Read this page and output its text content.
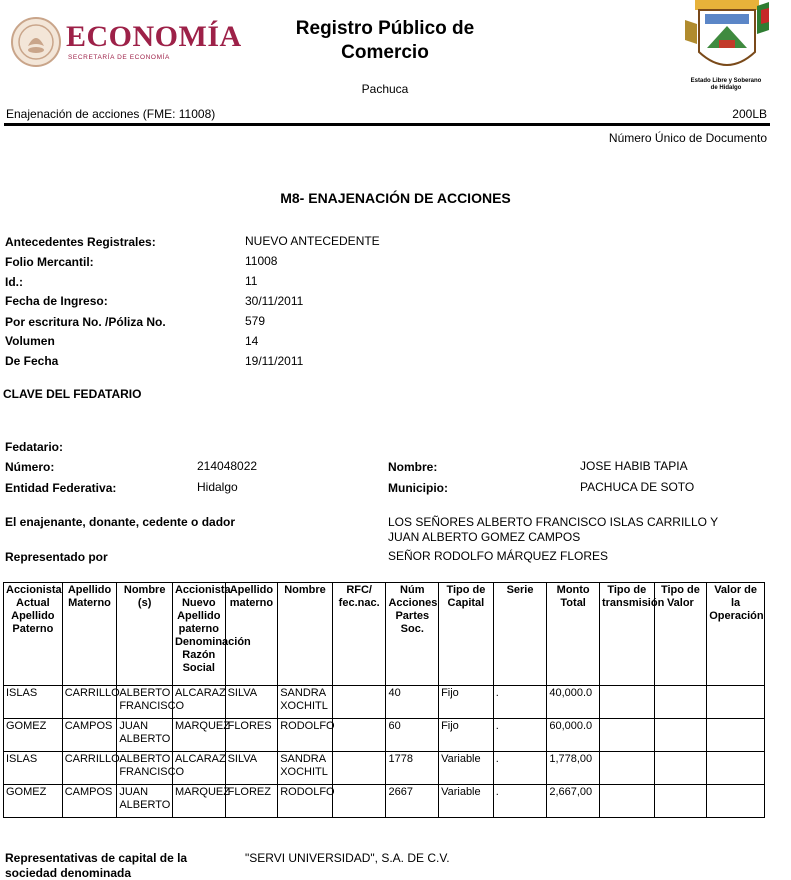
ECONOMÍA
SECRETARÍA DE ECONOMÍA
Registro Público de
Comercio
Pachuca
Estado Libre y Soberano
de Hidalgo
Enajenación de acciones (FME: 11008)	200LB
Número Único de Documento
M8- ENAJENACIÓN DE ACCIONES
Antecedentes Registrales:	NUEVO ANTECEDENTE
Folio Mercantil:	11008
Id.:	11
Fecha de Ingreso:	30/11/2011
Por escritura No. /Póliza No.	579
Volumen	14
De Fecha	19/11/2011
CLAVE DEL FEDATARIO
Fedatario:
Número:	214048022	Nombre:	JOSE HABIB TAPIA
Entidad Federativa:	Hidalgo	Municipio:	PACHUCA DE SOTO
El enajenante, donante, cedente o dador	LOS SEÑORES ALBERTO FRANCISCO ISLAS CARRILLO Y
JUAN ALBERTO GOMEZ CAMPOS
Representado por	SEÑOR RODOLFO MÁRQUEZ FLORES
Accionista Actual Apellido Paterno	Apellido Materno	Nombre (s)	Accionista Nuevo Apellido paterno Denominación Razón Social	Apellido materno	Nombre	RFC/ fec.nac.	Núm Acciones Partes Soc.	Tipo de Capital	Serie	Monto Total	Tipo de transmisión	Tipo de Valor	Valor de la Operación
ISLAS	CARRILLO	ALBERTO FRANCISCO	ALCARAZ	SILVA	SANDRA XOCHITL		40	Fijo	.	40,000.0			
GOMEZ	CAMPOS	JUAN ALBERTO	MARQUEZ	FLORES	RODOLFO		60	Fijo	.	60,000.0			
ISLAS	CARRILLO	ALBERTO FRANCISCO	ALCARAZ	SILVA	SANDRA XOCHITL		1778	Variable	.	1,778,00			
GOMEZ	CAMPOS	JUAN ALBERTO	MARQUEZ	FLOREZ	RODOLFO		2667	Variable	.	2,667,00			
Representativas de capital de la
sociedad denominada
"SERVI UNIVERSIDAD", S.A. DE C.V.
